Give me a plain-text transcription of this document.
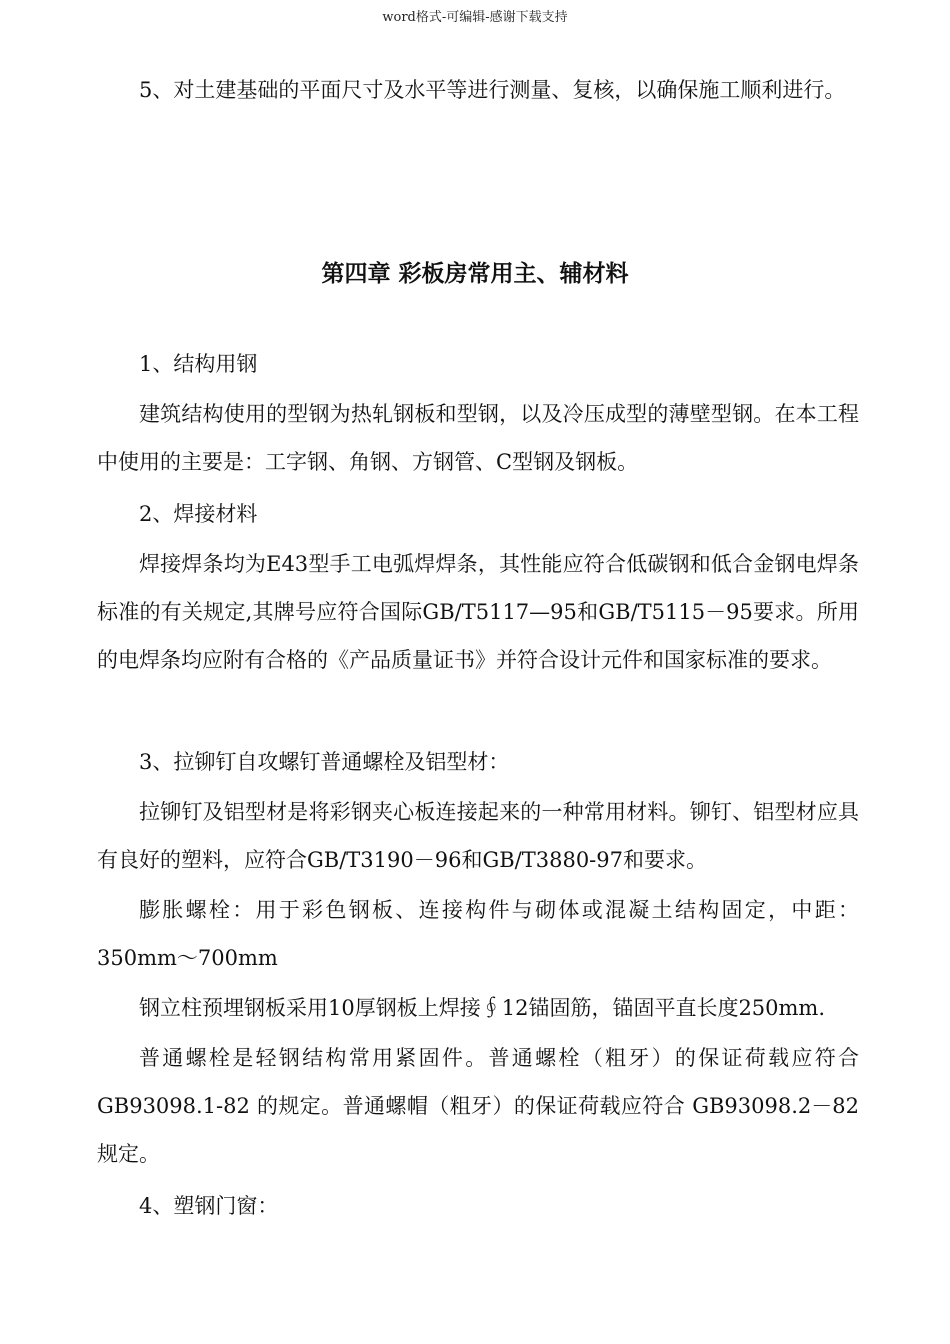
word格式-可编辑-感谢下载支持
第四章 彩板房常用主、辅材料

5、对土建基础的平面尺寸及水平等进行测量、复核，以确保施工顺利进行。

1、结构用钢

建筑结构使用的型钢为热轧钢板和型钢，以及冷压成型的薄壁型钢。在本工程中使用的主要是：工字钢、角钢、方钢管、C型钢及钢板。

2、焊接材料

焊接焊条均为E43型手工电弧焊焊条，其性能应符合低碳钢和低合金钢电焊条标准的有关规定,其牌号应符合国际GB/T5117—95和GB/T5115－95要求。所用的电焊条均应附有合格的《产品质量证书》并符合设计元件和国家标准的要求。

3、拉铆钉自攻螺钉普通螺栓及铝型材：

拉铆钉及铝型材是将彩钢夹心板连接起来的一种常用材料。铆钉、铝型材应具有良好的塑料，应符合GB/T3190－96和GB/T3880-97和要求。

膨胀螺栓：用于彩色钢板、连接构件与砌体或混凝土结构固定，中距：350mm～700mm

钢立柱预埋钢板采用10厚钢板上焊接∮12锚固筋，锚固平直长度250mm.

普通螺栓是轻钢结构常用紧固件。普通螺栓（粗牙）的保证荷载应符合GB93098.1-82 的规定。普通螺帽（粗牙）的保证荷载应符合 GB93098.2－82规定。

4、塑钢门窗：
